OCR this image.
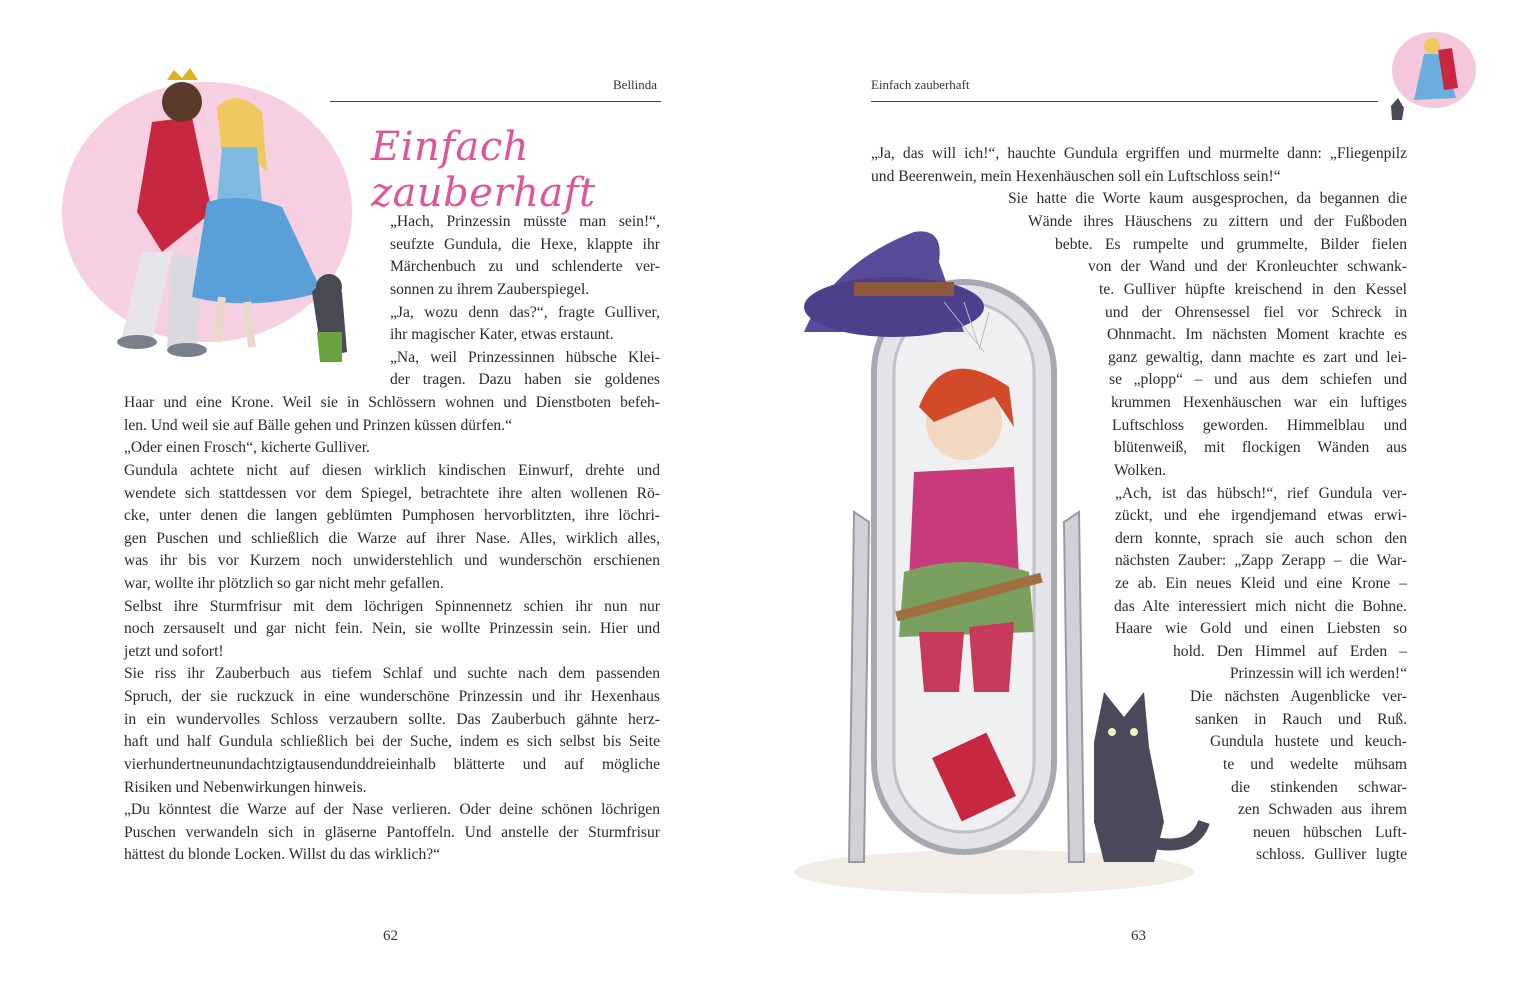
Bellinda
Einfach zauberhaft
„Hach, Prinzessin müsste man sein!“,
seufzte Gundula, die Hexe, klappte ihr
Märchenbuch zu und schlenderte ver-
sonnen zu ihrem Zauberspiegel.
„Ja, wozu denn das?“, fragte Gulliver,
ihr magischer Kater, etwas erstaunt.
„Na, weil Prinzessinnen hübsche Klei-
der tragen. Dazu haben sie goldenes
Haar und eine Krone. Weil sie in Schlössern wohnen und Dienstboten befeh-
len. Und weil sie auf Bälle gehen und Prinzen küssen dürfen.“
„Oder einen Frosch“, kicherte Gulliver.
Gundula achtete nicht auf diesen wirklich kindischen Einwurf, drehte und
wendete sich stattdessen vor dem Spiegel, betrachtete ihre alten wollenen Rö-
cke, unter denen die langen geblümten Pumphosen hervorblitzten, ihre löchri-
gen Puschen und schließlich die Warze auf ihrer Nase. Alles, wirklich alles,
was ihr bis vor Kurzem noch unwiderstehlich und wunderschön erschienen
war, wollte ihr plötzlich so gar nicht mehr gefallen.
Selbst ihre Sturmfrisur mit dem löchrigen Spinnennetz schien ihr nun nur
noch zersauselt und gar nicht fein. Nein, sie wollte Prinzessin sein. Hier und
jetzt und sofort!
Sie riss ihr Zauberbuch aus tiefem Schlaf und suchte nach dem passenden
Spruch, der sie ruckzuck in eine wunderschöne Prinzessin und ihr Hexenhaus
in ein wundervolles Schloss verzaubern sollte. Das Zauberbuch gähnte herz-
haft und half Gundula schließlich bei der Suche, indem es sich selbst bis Seite
vierhundertneunundachtzigtausendunddreieinhalb blätterte und auf mögliche
Risiken und Nebenwirkungen hinweis.
„Du könntest die Warze auf der Nase verlieren. Oder deine schönen löchrigen
Puschen verwandeln sich in gläserne Pantoffeln. Und anstelle der Sturmfrisur
hättest du blonde Locken. Willst du das wirklich?“
62
Einfach zauberhaft
„Ja, das will ich!“, hauchte Gundula ergriffen und murmelte dann: „Fliegenpilz
und Beerenwein, mein Hexenhäuschen soll ein Luftschloss sein!“
Sie hatte die Worte kaum ausgesprochen, da begannen die
Wände ihres Häuschens zu zittern und der Fußboden
bebte. Es rumpelte und grummelte, Bilder fielen
von der Wand und der Kronleuchter schwank-
te. Gulliver hüpfte kreischend in den Kessel
und der Ohrensessel fiel vor Schreck in
Ohnmacht. Im nächsten Moment krachte es
ganz gewaltig, dann machte es zart und lei-
se „plopp“ – und aus dem schiefen und
krummen Hexenhäuschen war ein luftiges
Luftschloss geworden. Himmelblau und
blütenweiß, mit flockigen Wänden aus
Wolken.
„Ach, ist das hübsch!“, rief Gundula ver-
zückt, und ehe irgendjemand etwas erwi-
dern konnte, sprach sie auch schon den
nächsten Zauber: „Zapp Zerapp – die War-
ze ab. Ein neues Kleid und eine Krone –
das Alte interessiert mich nicht die Bohne.
Haare wie Gold und einen Liebsten so
hold. Den Himmel auf Erden –
Prinzessin will ich werden!“
Die nächsten Augenblicke ver-
sanken in Rauch und Ruß.
Gundula hustete und keuch-
te und wedelte mühsam
die stinkenden schwar-
zen Schwaden aus ihrem
neuen hübschen Luft-
schloss. Gulliver lugte
63
